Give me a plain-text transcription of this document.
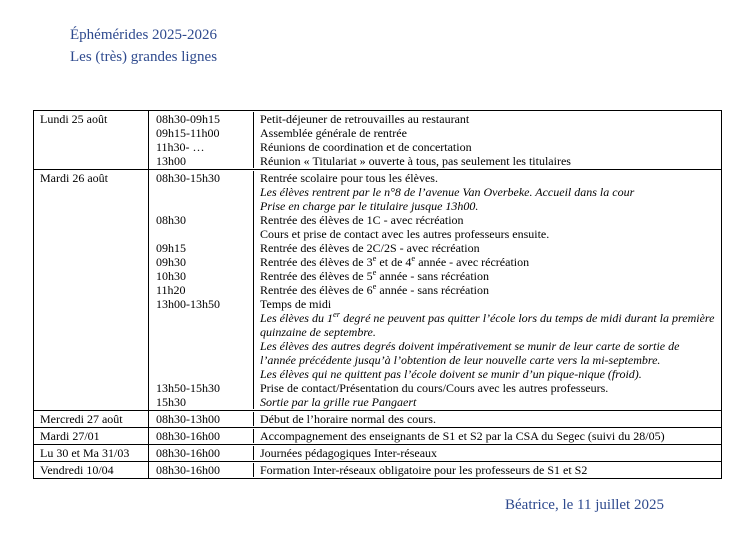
Éphémérides 2025-2026
Les (très) grandes lignes
Lundi 25 août	08h30-09h15	Petit-déjeuner de retrouvailles au restaurant
09h15-11h00	Assemblée générale de rentrée
11h30- …	Réunions de coordination et de concertation
13h00	Réunion « Titulariat » ouverte à tous, pas seulement les titulaires
Mardi 26 août	08h30-15h30	Rentrée scolaire pour tous les élèves.
Les élèves rentrent par le n°8 de l’avenue Van Overbeke. Accueil dans la cour
Prise en charge par le titulaire jusque 13h00.
08h30	Rentrée des élèves de 1C - avec récréation
Cours et prise de contact avec les autres professeurs ensuite.
09h15	Rentrée des élèves de 2C/2S - avec récréation
09h30	Rentrée des élèves de 3e et de 4e année - avec récréation
10h30	Rentrée des élèves de 5e année - sans récréation
11h20	Rentrée des élèves de 6e année - sans récréation
13h00-13h50	Temps de midi
Les élèves du 1er degré ne peuvent pas quitter l’école lors du temps de midi durant la première quinzaine de septembre.
Les élèves des autres degrés doivent impérativement se munir de leur carte de sortie de l’année précédente jusqu’à l’obtention de leur nouvelle carte vers la mi-septembre.
Les élèves qui ne quittent pas l’école doivent se munir d’un pique-nique (froid).
13h50-15h30	Prise de contact/Présentation du cours/Cours avec les autres professeurs.
15h30	Sortie par la grille rue Pangaert
Mercredi 27 août	08h30-13h00	Début de l’horaire normal des cours.
Mardi 27/01	08h30-16h00	Accompagnement des enseignants de S1 et S2 par la CSA du Segec (suivi du 28/05)
Lu 30 et Ma 31/03	08h30-16h00	Journées pédagogiques Inter-réseaux
Vendredi 10/04	08h30-16h00	Formation Inter-réseaux obligatoire pour les professeurs de S1 et S2
Béatrice, le 11 juillet 2025
